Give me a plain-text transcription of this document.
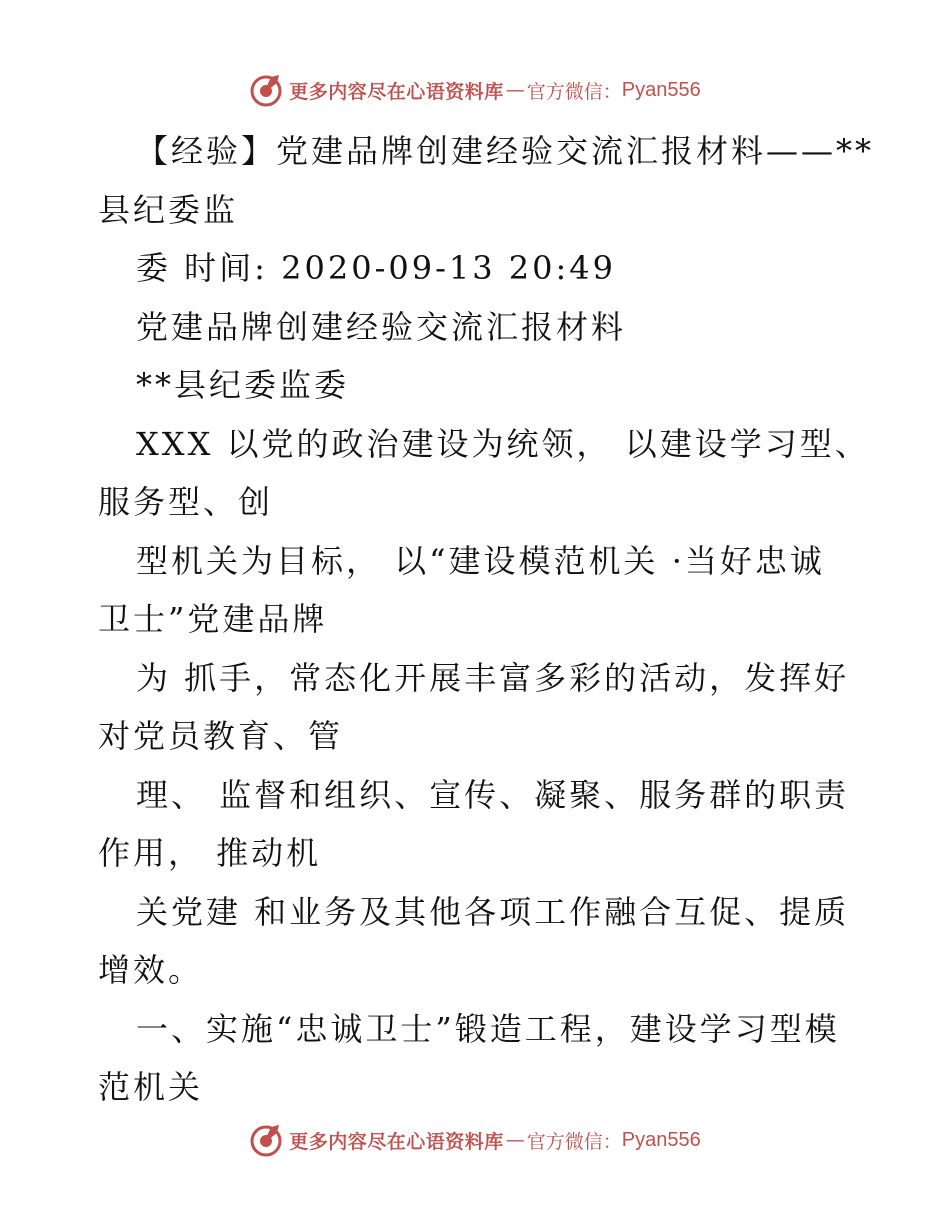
更多内容尽在心语资料库 — 官方微信： Pyan556
【经验】党建品牌创建经验交流汇报材料——**
县纪委监
委 时间: 2020-09-13 20:49
党建品牌创建经验交流汇报材料
**县纪委监委
XXX 以党的政治建设为统领， 以建设学习型、
服务型、创
型机关为目标， 以“建设模范机关 ·当好忠诚
卫士”党建品牌
为 抓手，常态化开展丰富多彩的活动，发挥好
对党员教育、管
理、 监督和组织、宣传、凝聚、服务群的职责
作用， 推动机
关党建 和业务及其他各项工作融合互促、提质
增效。
一、实施“忠诚卫士”锻造工程，建设学习型模
范机关
更多内容尽在心语资料库 — 官方微信： Pyan556
